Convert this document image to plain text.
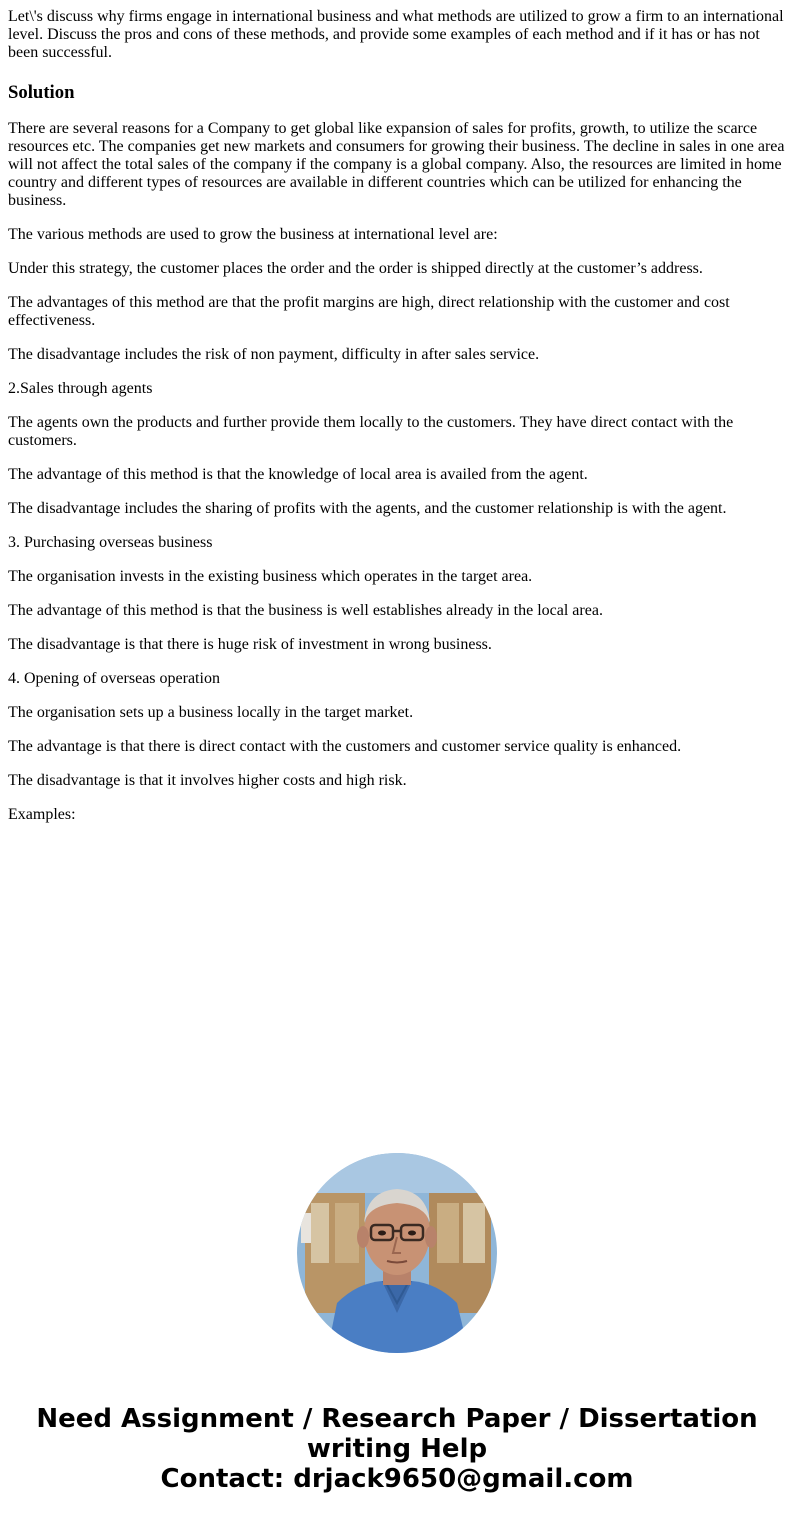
Let\'s discuss why firms engage in international business and what methods are utilized to grow a firm to an international level. Discuss the pros and cons of these methods, and provide some examples of each method and if it has or has not been successful.

Solution

There are several reasons for a Company to get global like expansion of sales for profits, growth, to utilize the scarce resources etc. The companies get new markets and consumers for growing their business. The decline in sales in one area will not affect the total sales of the company if the company is a global company. Also, the resources are limited in home country and different types of resources are available in different countries which can be utilized for enhancing the business.

The various methods are used to grow the business at international level are:

Under this strategy, the customer places the order and the order is shipped directly at the customer’s address.

The advantages of this method are that the profit margins are high, direct relationship with the customer and cost effectiveness.

The disadvantage includes the risk of non payment, difficulty in after sales service.

2.Sales through agents

The agents own the products and further provide them locally to the customers. They have direct contact with the customers.

The advantage of this method is that the knowledge of local area is availed from the agent.

The disadvantage includes the sharing of profits with the agents, and the customer relationship is with the agent.

3. Purchasing overseas business

The organisation invests in the existing business which operates in the target area.

The advantage of this method is that the business is well establishes already in the local area.

The disadvantage is that there is huge risk of investment in wrong business.

4. Opening of overseas operation

The organisation sets up a business locally in the target market.

The advantage is that there is direct contact with the customers and customer service quality is enhanced.

The disadvantage is that it involves higher costs and high risk.

Examples:

Need Assignment / Research Paper / Dissertation
writing Help
Contact: drjack9650@gmail.com
